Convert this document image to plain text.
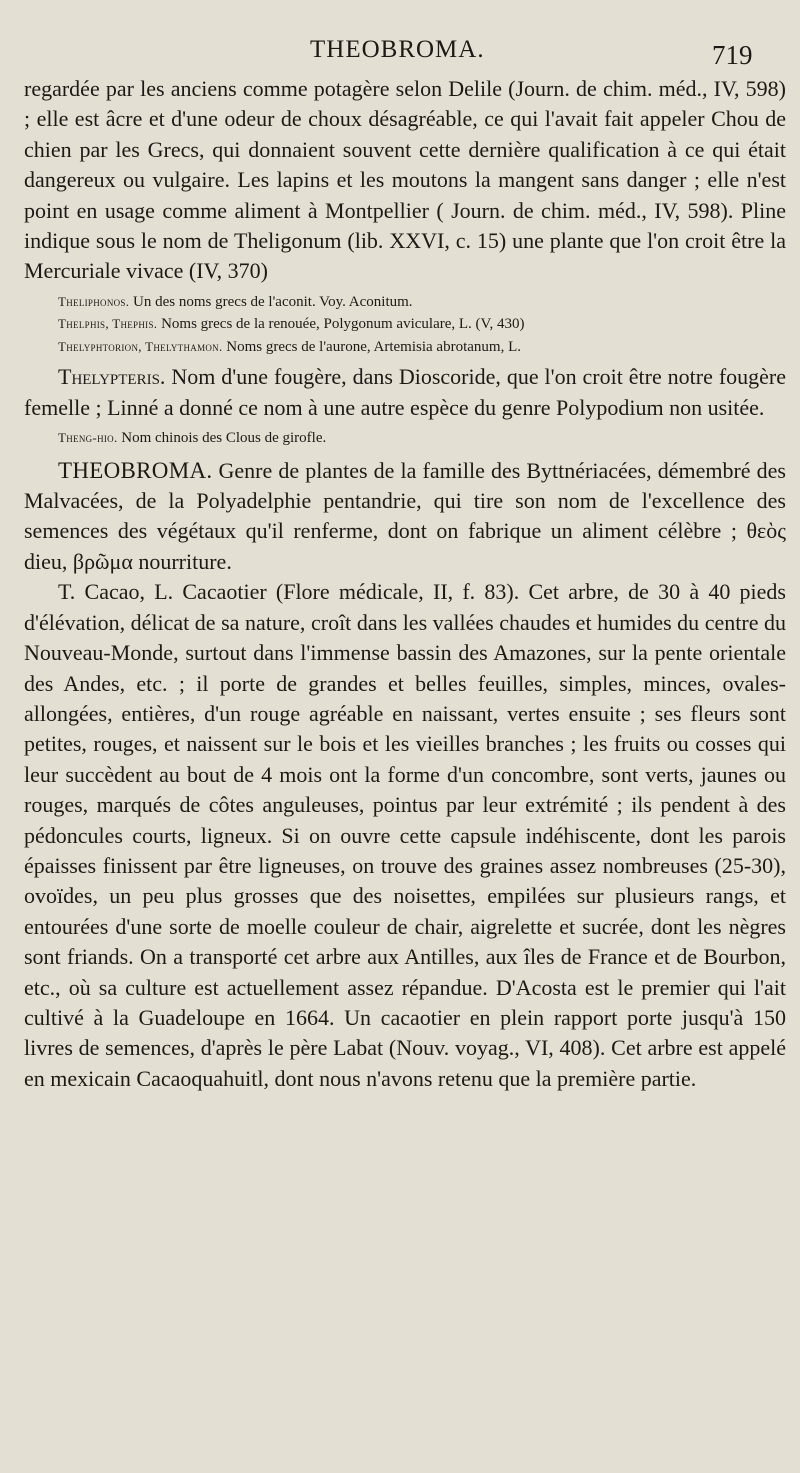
THEOBROMA.	719

regardée par les anciens comme potagère selon Delile (Journ. de chim. méd., IV, 598) ; elle est âcre et d'une odeur de choux désagréable, ce qui l'avait fait appeler Chou de chien par les Grecs, qui donnaient souvent cette dernière qualification à ce qui était dangereux ou vulgaire. Les lapins et les moutons la mangent sans danger ; elle n'est point en usage comme aliment à Montpellier ( Journ. de chim. méd., IV, 598). Pline indique sous le nom de Theligonum (lib. XXVI, c. 15) une plante que l'on croit être la Mercuriale vivace (IV, 370)

Theliphonos. Un des noms grecs de l'aconit. Voy. Aconitum.

Thelphis, Thephis. Noms grecs de la renouée, Polygonum aviculare, L. (V, 430)

Thelyphtorion, Thelythamon. Noms grecs de l'aurone, Artemisia abrotanum, L.

Thelypteris. Nom d'une fougère, dans Dioscoride, que l'on croit être notre fougère femelle ; Linné a donné ce nom à une autre espèce du genre Polypodium non usitée.

Theng-hio. Nom chinois des Clous de girofle.

THEOBROMA. Genre de plantes de la famille des Byttnériacées, démembré des Malvacées, de la Polyadelphie pentandrie, qui tire son nom de l'excellence des semences des végétaux qu'il renferme, dont on fabrique un aliment célèbre ; θεὸς dieu, βρῶμα nourriture.

T. Cacao, L. Cacaotier (Flore médicale, II, f. 83). Cet arbre, de 30 à 40 pieds d'élévation, délicat de sa nature, croît dans les vallées chaudes et humides du centre du Nouveau-Monde, surtout dans l'immense bassin des Amazones, sur la pente orientale des Andes, etc. ; il porte de grandes et belles feuilles, simples, minces, ovales-allongées, entières, d'un rouge agréable en naissant, vertes ensuite ; ses fleurs sont petites, rouges, et naissent sur le bois et les vieilles branches ; les fruits ou cosses qui leur succèdent au bout de 4 mois ont la forme d'un concombre, sont verts, jaunes ou rouges, marqués de côtes anguleuses, pointus par leur extrémité ; ils pendent à des pédoncules courts, ligneux. Si on ouvre cette capsule indéhiscente, dont les parois épaisses finissent par être ligneuses, on trouve des graines assez nombreuses (25-30), ovoïdes, un peu plus grosses que des noisettes, empilées sur plusieurs rangs, et entourées d'une sorte de moelle couleur de chair, aigrelette et sucrée, dont les nègres sont friands. On a transporté cet arbre aux Antilles, aux îles de France et de Bourbon, etc., où sa culture est actuellement assez répandue. D'Acosta est le premier qui l'ait cultivé à la Guadeloupe en 1664. Un cacaotier en plein rapport porte jusqu'à 150 livres de semences, d'après le père Labat (Nouv. voyag., VI, 408). Cet arbre est appelé en mexicain Cacaoquahuitl, dont nous n'avons retenu que la première partie.
